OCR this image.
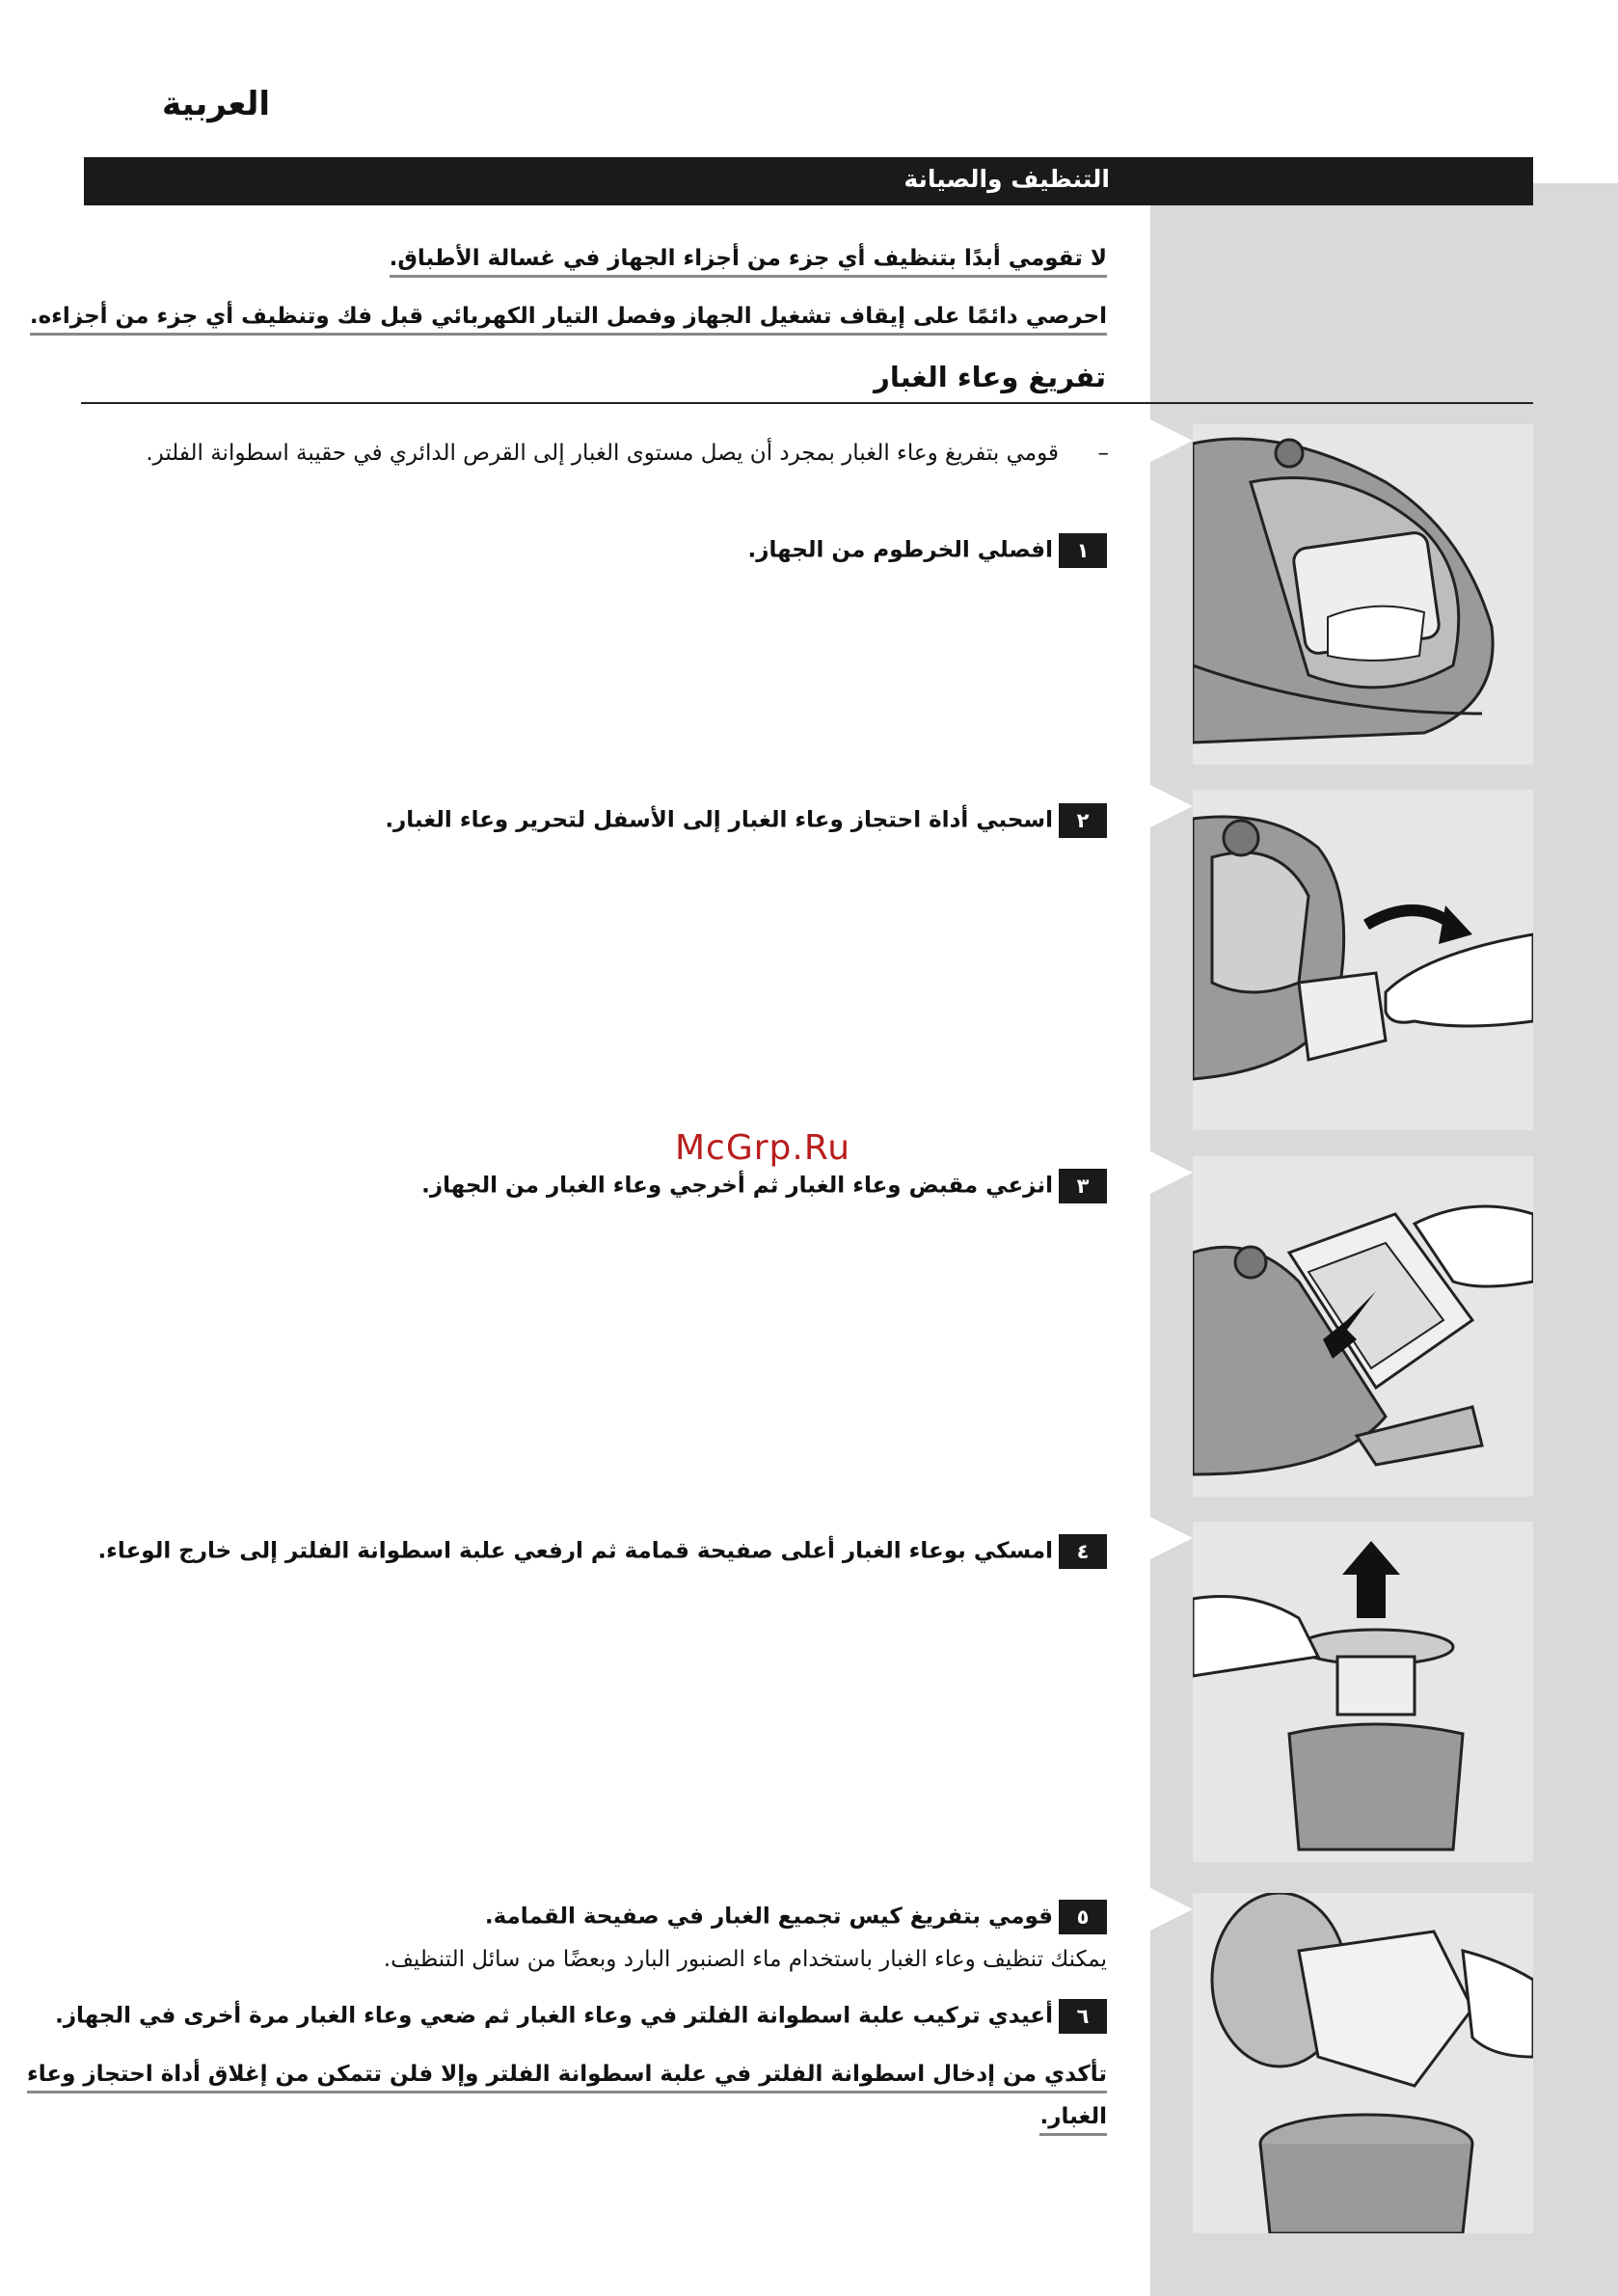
العربية
التنظيف والصيانة
لا تقومي أبدًا بتنظيف أي جزء من أجزاء الجهاز في غسالة الأطباق.
احرصي دائمًا على إيقاف تشغيل الجهاز وفصل التيار الكهربائي قبل فك وتنظيف أي جزء من أجزاءه.
تفريغ وعاء الغبار
–
قومي بتفريغ وعاء الغبار بمجرد أن يصل مستوى الغبار إلى القرص الدائري في حقيبة اسطوانة الفلتر.
١افصلي الخرطوم من الجهاز.
٢اسحبي أداة احتجاز وعاء الغبار إلى الأسفل لتحرير وعاء الغبار.
٣انزعي مقبض وعاء الغبار ثم أخرجي وعاء الغبار من الجهاز.
٤امسكي بوعاء الغبار أعلى صفيحة قمامة ثم ارفعي علبة اسطوانة الفلتر إلى خارج الوعاء.
٥قومي بتفريغ كيس تجميع الغبار في صفيحة القمامة.
يمكنك تنظيف وعاء الغبار باستخدام ماء الصنبور البارد وبعضًا من سائل التنظيف.
٦أعيدي تركيب علبة اسطوانة الفلتر في وعاء الغبار ثم ضعي وعاء الغبار مرة أخرى في الجهاز.
تأكدي من إدخال اسطوانة الفلتر في علبة اسطوانة الفلتر وإلا فلن تتمكن من إغلاق أداة احتجاز وعاء
الغبار.
McGrp.Ru
